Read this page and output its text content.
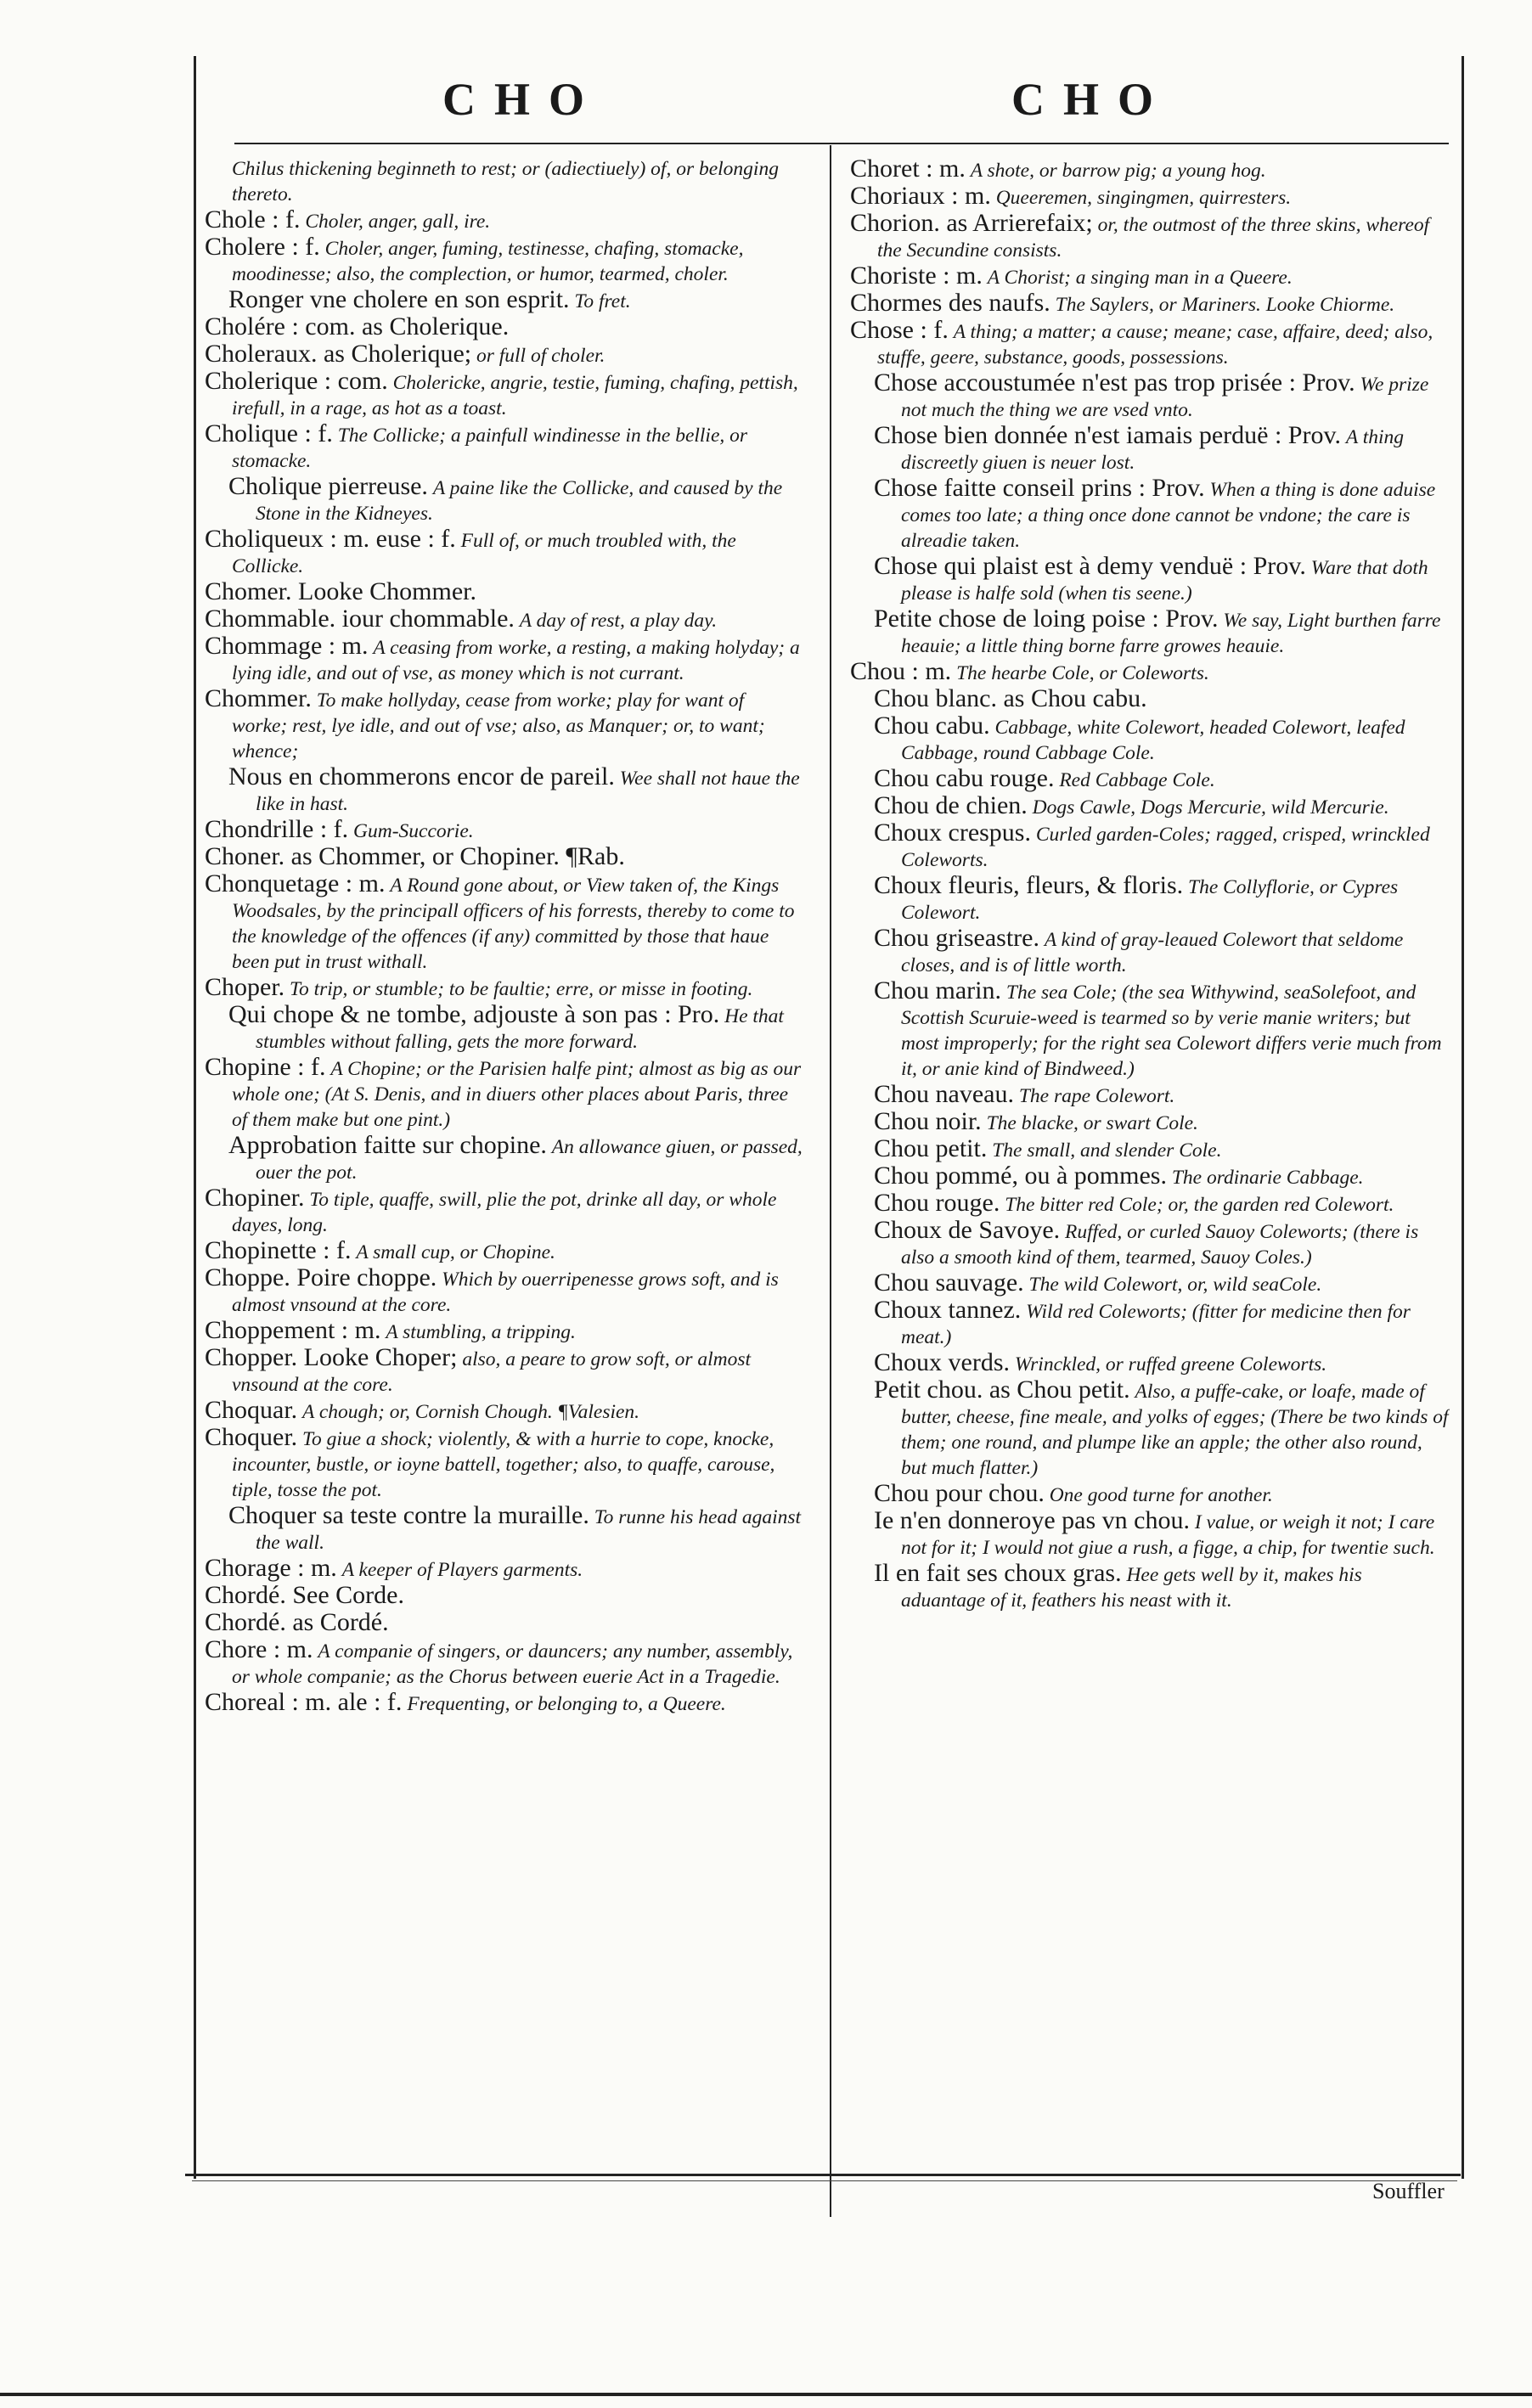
CHO	CHO

Chilus thickening beginneth to rest; or (adiectiuely) of, or belonging thereto.

Chole : f. Choler, anger, gall, ire.

Cholere : f. Choler, anger, fuming, testinesse, chafing, stomacke, moodinesse; also, the complection, or humor, tearmed, choler.

Ronger vne cholere en son esprit. To fret.

Cholére : com. as Cholerique.

Choleraux. as Cholerique; or full of choler.

Cholerique : com. Cholericke, angrie, testie, fuming, chafing, pettish, irefull, in a rage, as hot as a toast.

Cholique : f. The Collicke; a painfull windinesse in the bellie, or stomacke.

Cholique pierreuse. A paine like the Collicke, and caused by the Stone in the Kidneyes.

Choliqueux : m. euse : f. Full of, or much troubled with, the Collicke.

Chomer. Looke Chommer.

Chommable. iour chommable. A day of rest, a play day.

Chommage : m. A ceasing from worke, a resting, a making holyday; a lying idle, and out of vse, as money which is not currant.

Chommer. To make hollyday, cease from worke; play for want of worke; rest, lye idle, and out of vse; also, as Manquer; or, to want; whence;

Nous en chommerons encor de pareil. Wee shall not haue the like in hast.

Chondrille : f. Gum-Succorie.

Choner. as Chommer, or Chopiner. ¶Rab.

Chonquetage : m. A Round gone about, or View taken of, the Kings Woodsales, by the principall officers of his forrests, thereby to come to the knowledge of the offences (if any) committed by those that haue been put in trust withall.

Choper. To trip, or stumble; to be faultie; erre, or misse in footing.

Qui chope & ne tombe, adjouste à son pas : Pro. He that stumbles without falling, gets the more forward.

Chopine : f. A Chopine; or the Parisien halfe pint; almost as big as our whole one; (At S. Denis, and in diuers other places about Paris, three of them make but one pint.)

Approbation faitte sur chopine. An allowance giuen, or passed, ouer the pot.

Chopiner. To tiple, quaffe, swill, plie the pot, drinke all day, or whole dayes, long.

Chopinette : f. A small cup, or Chopine.

Choppe. Poire choppe. Which by ouerripenesse grows soft, and is almost vnsound at the core.

Choppement : m. A stumbling, a tripping.

Chopper. Looke Choper; also, a peare to grow soft, or almost vnsound at the core.

Choquar. A chough; or, Cornish Chough. ¶Valesien.

Choquer. To giue a shock; violently, & with a hurrie to cope, knocke, incounter, bustle, or ioyne battell, together; also, to quaffe, carouse, tiple, tosse the pot.

Choquer sa teste contre la muraille. To runne his head against the wall.

Chorage : m. A keeper of Players garments.

Chordé. See Corde.

Chordé. as Cordé.

Chore : m. A companie of singers, or dauncers; any number, assembly, or whole companie; as the Chorus between euerie Act in a Tragedie.

Choreal : m. ale : f. Frequenting, or belonging to, a Queere.

Choret : m. A shote, or barrow pig; a young hog.

Choriaux : m. Queeremen, singingmen, quirresters.

Chorion. as Arrierefaix; or, the outmost of the three skins, whereof the Secundine consists.

Choriste : m. A Chorist; a singing man in a Queere.

Chormes des naufs. The Saylers, or Mariners. Looke Chiorme.

Chose : f. A thing; a matter; a cause; meane; case, affaire, deed; also, stuffe, geere, substance, goods, possessions.

Chose accoustumée n'est pas trop prisée : Prov. We prize not much the thing we are vsed vnto.

Chose bien donnée n'est iamais perduë : Prov. A thing discreetly giuen is neuer lost.

Chose faitte conseil prins : Prov. When a thing is done aduise comes too late; a thing once done cannot be vndone; the care is alreadie taken.

Chose qui plaist est à demy venduë : Prov. Ware that doth please is halfe sold (when tis seene.)

Petite chose de loing poise : Prov. We say, Light burthen farre heauie; a little thing borne farre growes heauie.

Chou : m. The hearbe Cole, or Coleworts.

Chou blanc. as Chou cabu.

Chou cabu. Cabbage, white Colewort, headed Colewort, leafed Cabbage, round Cabbage Cole.

Chou cabu rouge. Red Cabbage Cole.

Chou de chien. Dogs Cawle, Dogs Mercurie, wild Mercurie.

Choux crespus. Curled garden-Coles; ragged, crisped, wrinckled Coleworts.

Choux fleuris, fleurs, & floris. The Collyflorie, or Cypres Colewort.

Chou griseastre. A kind of gray-leaued Colewort that seldome closes, and is of little worth.

Chou marin. The sea Cole; (the sea Withywind, seaSolefoot, and Scottish Scuruie-weed is tearmed so by verie manie writers; but most improperly; for the right sea Colewort differs verie much from it, or anie kind of Bindweed.)

Chou naveau. The rape Colewort.

Chou noir. The blacke, or swart Cole.

Chou petit. The small, and slender Cole.

Chou pommé, ou à pommes. The ordinarie Cabbage.

Chou rouge. The bitter red Cole; or, the garden red Colewort.

Choux de Savoye. Ruffed, or curled Sauoy Coleworts; (there is also a smooth kind of them, tearmed, Sauoy Coles.)

Chou sauvage. The wild Colewort, or, wild seaCole.

Choux tannez. Wild red Coleworts; (fitter for medicine then for meat.)

Choux verds. Wrinckled, or ruffed greene Coleworts.

Petit chou. as Chou petit. Also, a puffe-cake, or loafe, made of butter, cheese, fine meale, and yolks of egges; (There be two kinds of them; one round, and plumpe like an apple; the other also round, but much flatter.)

Chou pour chou. One good turne for another.

Ie n'en donneroye pas vn chou. I value, or weigh it not; I care not for it; I would not giue a rush, a figge, a chip, for twentie such.

Il en fait ses choux gras. Hee gets well by it, makes his aduantage of it, feathers his neast with it.

Souffler
